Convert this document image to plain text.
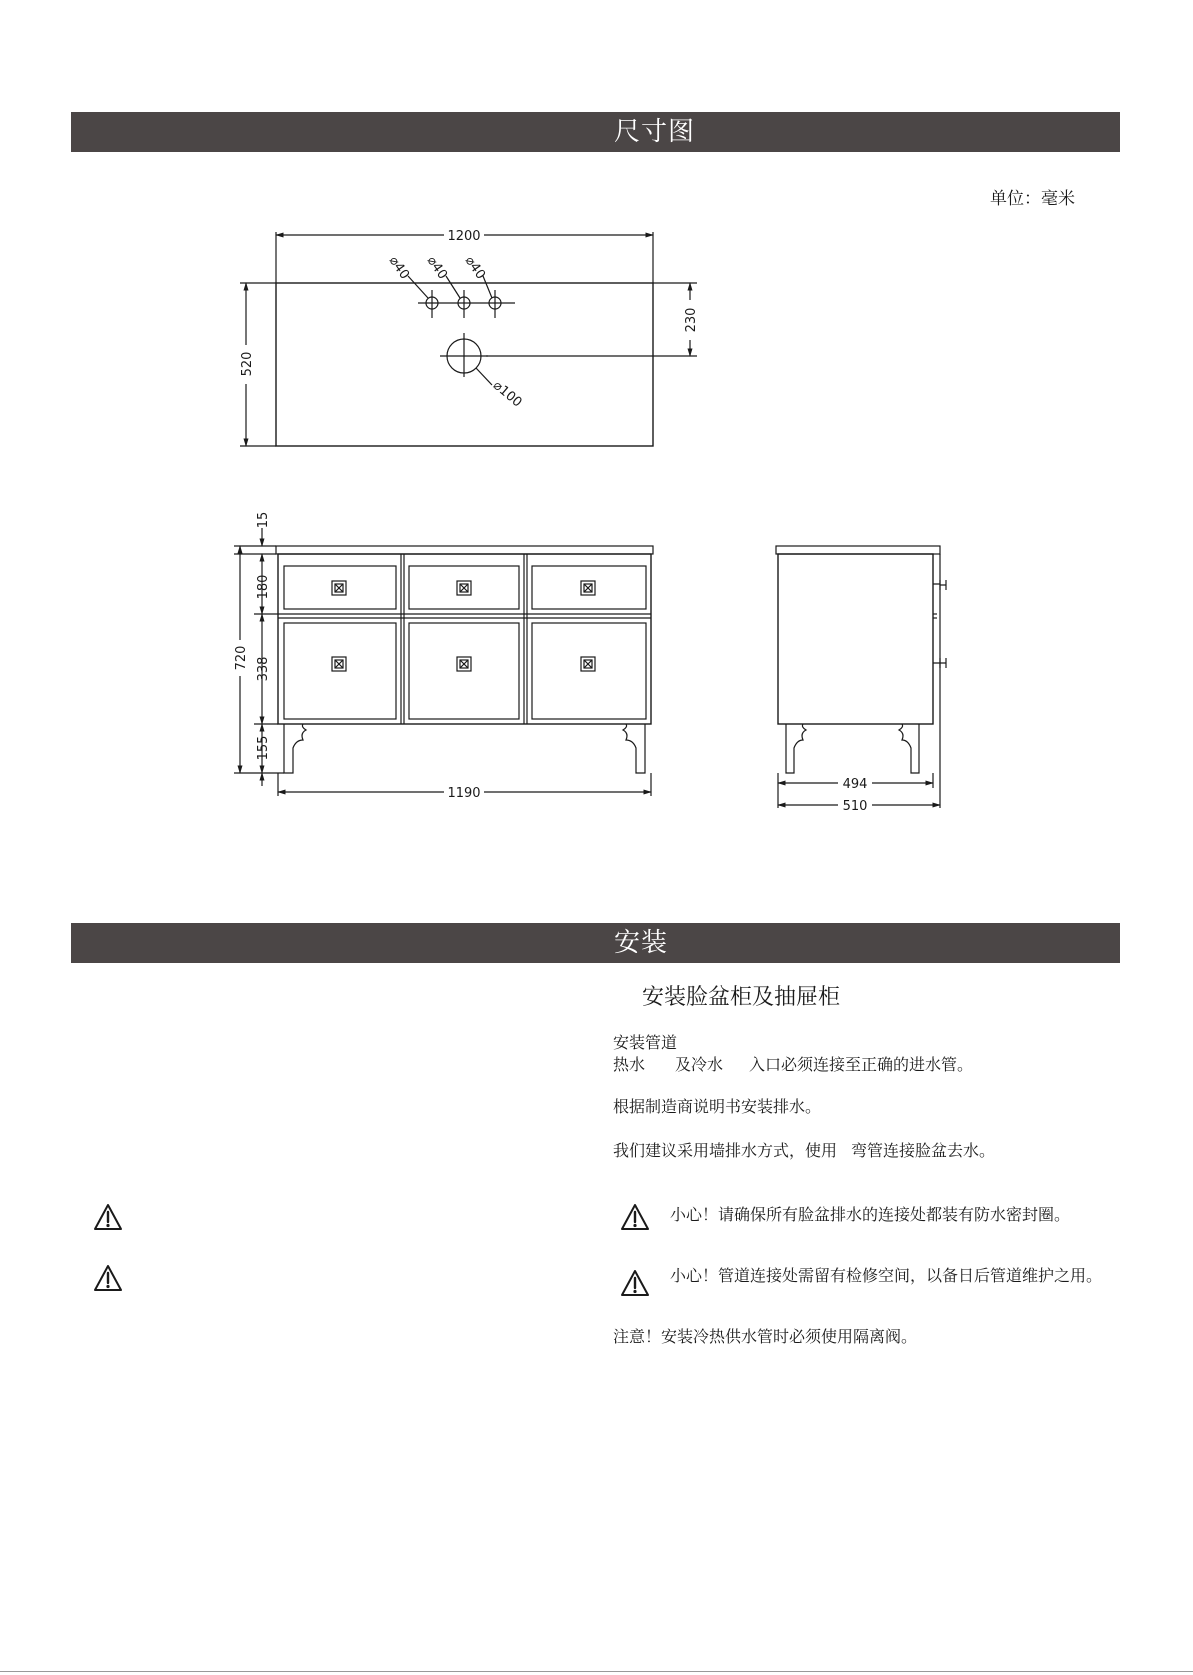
尺寸图
单位：毫米
1200
520
230
⌀40 ⌀40 ⌀40
⌀100
1190
15
180
338
155
720
494
510
安装
安装脸盆柜及抽屉柜
安装管道
热水 及冷水 入口必须连接至正确的进水管。
根据制造商说明书安装排水。
我们建议采用墙排水方式，使用 弯管连接脸盆去水。
小心！请确保所有脸盆排水的连接处都装有防水密封圈。
小心！管道连接处需留有检修空间，以备日后管道维护之用。
注意！安装冷热供水管时必须使用隔离阀。
